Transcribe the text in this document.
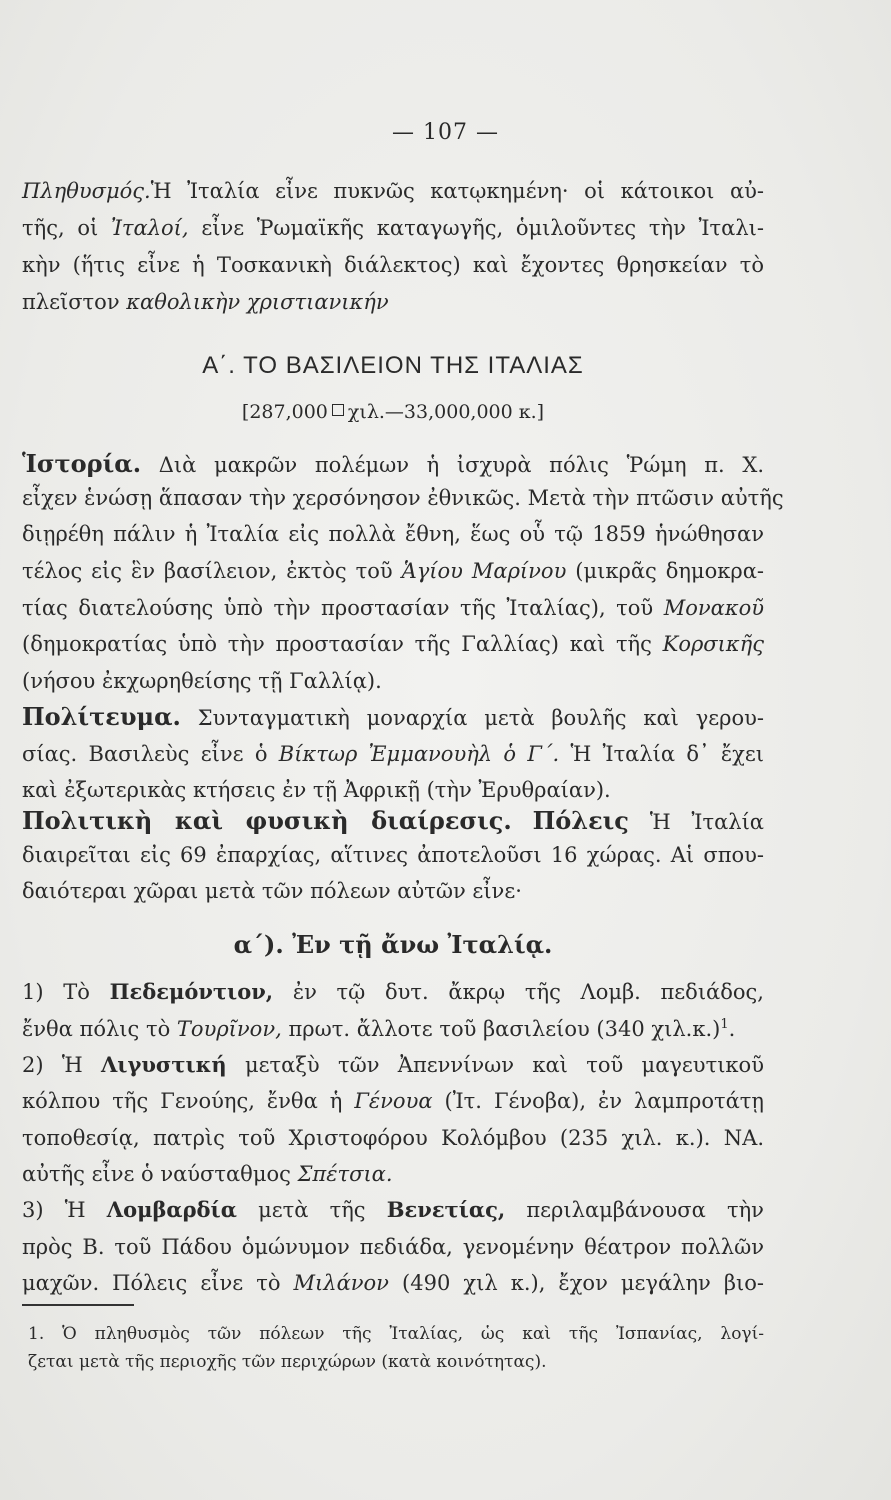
— 107 —
Πληθυσμός.Ἡ Ἰταλία εἶνε πυκνῶς κατῳκημένη· οἱ κάτοικοι αὐ-
τῆς, οἱ Ἰταλοί, εἶνε Ῥωμαϊκῆς καταγωγῆς, ὁμιλοῦντες τὴν Ἰταλι-
κὴν (ἥτις εἶνε ἡ Τοσκανικὴ διάλεκτος) καὶ ἔχοντες θρησκείαν τὸ
πλεῖστον καθολικὴν χριστιανικήν
Α΄. ΤΟ ΒΑΣΙΛΕΙΟΝ ΤΗΣ ΙΤΑΛΙΑΣ
[287,000 χιλ.—33,000,000 κ.]
Ἱστορία. Διὰ μακρῶν πολέμων ἡ ἰσχυρὰ πόλις Ῥώμη π. Χ.
εἶχεν ἑνώσῃ ἅπασαν τὴν χερσόνησον ἐθνικῶς. Μετὰ τὴν πτῶσιν αὐτῆς
διῃρέθη πάλιν ἡ Ἰταλία εἰς πολλὰ ἔθνη, ἕως οὗ τῷ 1859 ἡνώθησαν
τέλος εἰς ἓν βασίλειον, ἐκτὸς τοῦ Ἁγίου Μαρίνου (μικρᾶς δημοκρα-
τίας διατελούσης ὑπὸ τὴν προστασίαν τῆς Ἰταλίας), τοῦ Μονακοῦ
(δημοκρατίας ὑπὸ τὴν προστασίαν τῆς Γαλλίας) καὶ τῆς Κορσικῆς
(νήσου ἐκχωρηθείσης τῇ Γαλλίᾳ).
Πολίτευμα. Συνταγματικὴ μοναρχία μετὰ βουλῆς καὶ γερου-
σίας. Βασιλεὺς εἶνε ὁ Βίκτωρ Ἐμμανουὴλ ὁ Γ΄. Ἡ Ἰταλία δ᾽ ἔχει
καὶ ἐξωτερικὰς κτήσεις ἐν τῇ Ἀφρικῇ (τὴν Ἐρυθραίαν).
Πολιτικὴ καὶ φυσικὴ διαίρεσις. Πόλεις Ἡ Ἰταλία
διαιρεῖται εἰς 69 ἐπαρχίας, αἵτινες ἀποτελοῦσι 16 χώρας. Αἱ σπου-
δαιότεραι χῶραι μετὰ τῶν πόλεων αὐτῶν εἶνε·
α΄). Ἐν τῇ ἄνω Ἰταλίᾳ.
1) Τὸ Πεδεμόντιον, ἐν τῷ δυτ. ἄκρῳ τῆς Λομβ. πεδιάδος,
ἔνθα πόλις τὸ Τουρῖνον, πρωτ. ἄλλοτε τοῦ βασιλείου (340 χιλ.κ.)$^1$.
2) Ἡ Λιγυστική μεταξὺ τῶν Ἀπεννίνων καὶ τοῦ μαγευτικοῦ
κόλπου τῆς Γενούης, ἔνθα ἡ Γένουα (Ἰτ. Γένοβα), ἐν λαμπροτάτῃ
τοποθεσίᾳ, πατρὶς τοῦ Χριστοφόρου Κολόμβου (235 χιλ. κ.). ΝΑ.
αὐτῆς εἶνε ὁ ναύσταθμος Σπέτσια.
3) Ἡ Λομβαρδία μετὰ τῆς Βενετίας, περιλαμβάνουσα τὴν
πρὸς Β. τοῦ Πάδου ὁμώνυμον πεδιάδα, γενομένην θέατρον πολλῶν
μαχῶν. Πόλεις εἶνε τὸ Μιλάνον (490 χιλ κ.), ἔχον μεγάλην βιο-
1. Ὁ πληθυσμὸς τῶν πόλεων τῆς Ἰταλίας, ὡς καὶ τῆς Ἰσπανίας, λογί-
ζεται μετὰ τῆς περιοχῆς τῶν περιχώρων (κατὰ κοινότητας).
